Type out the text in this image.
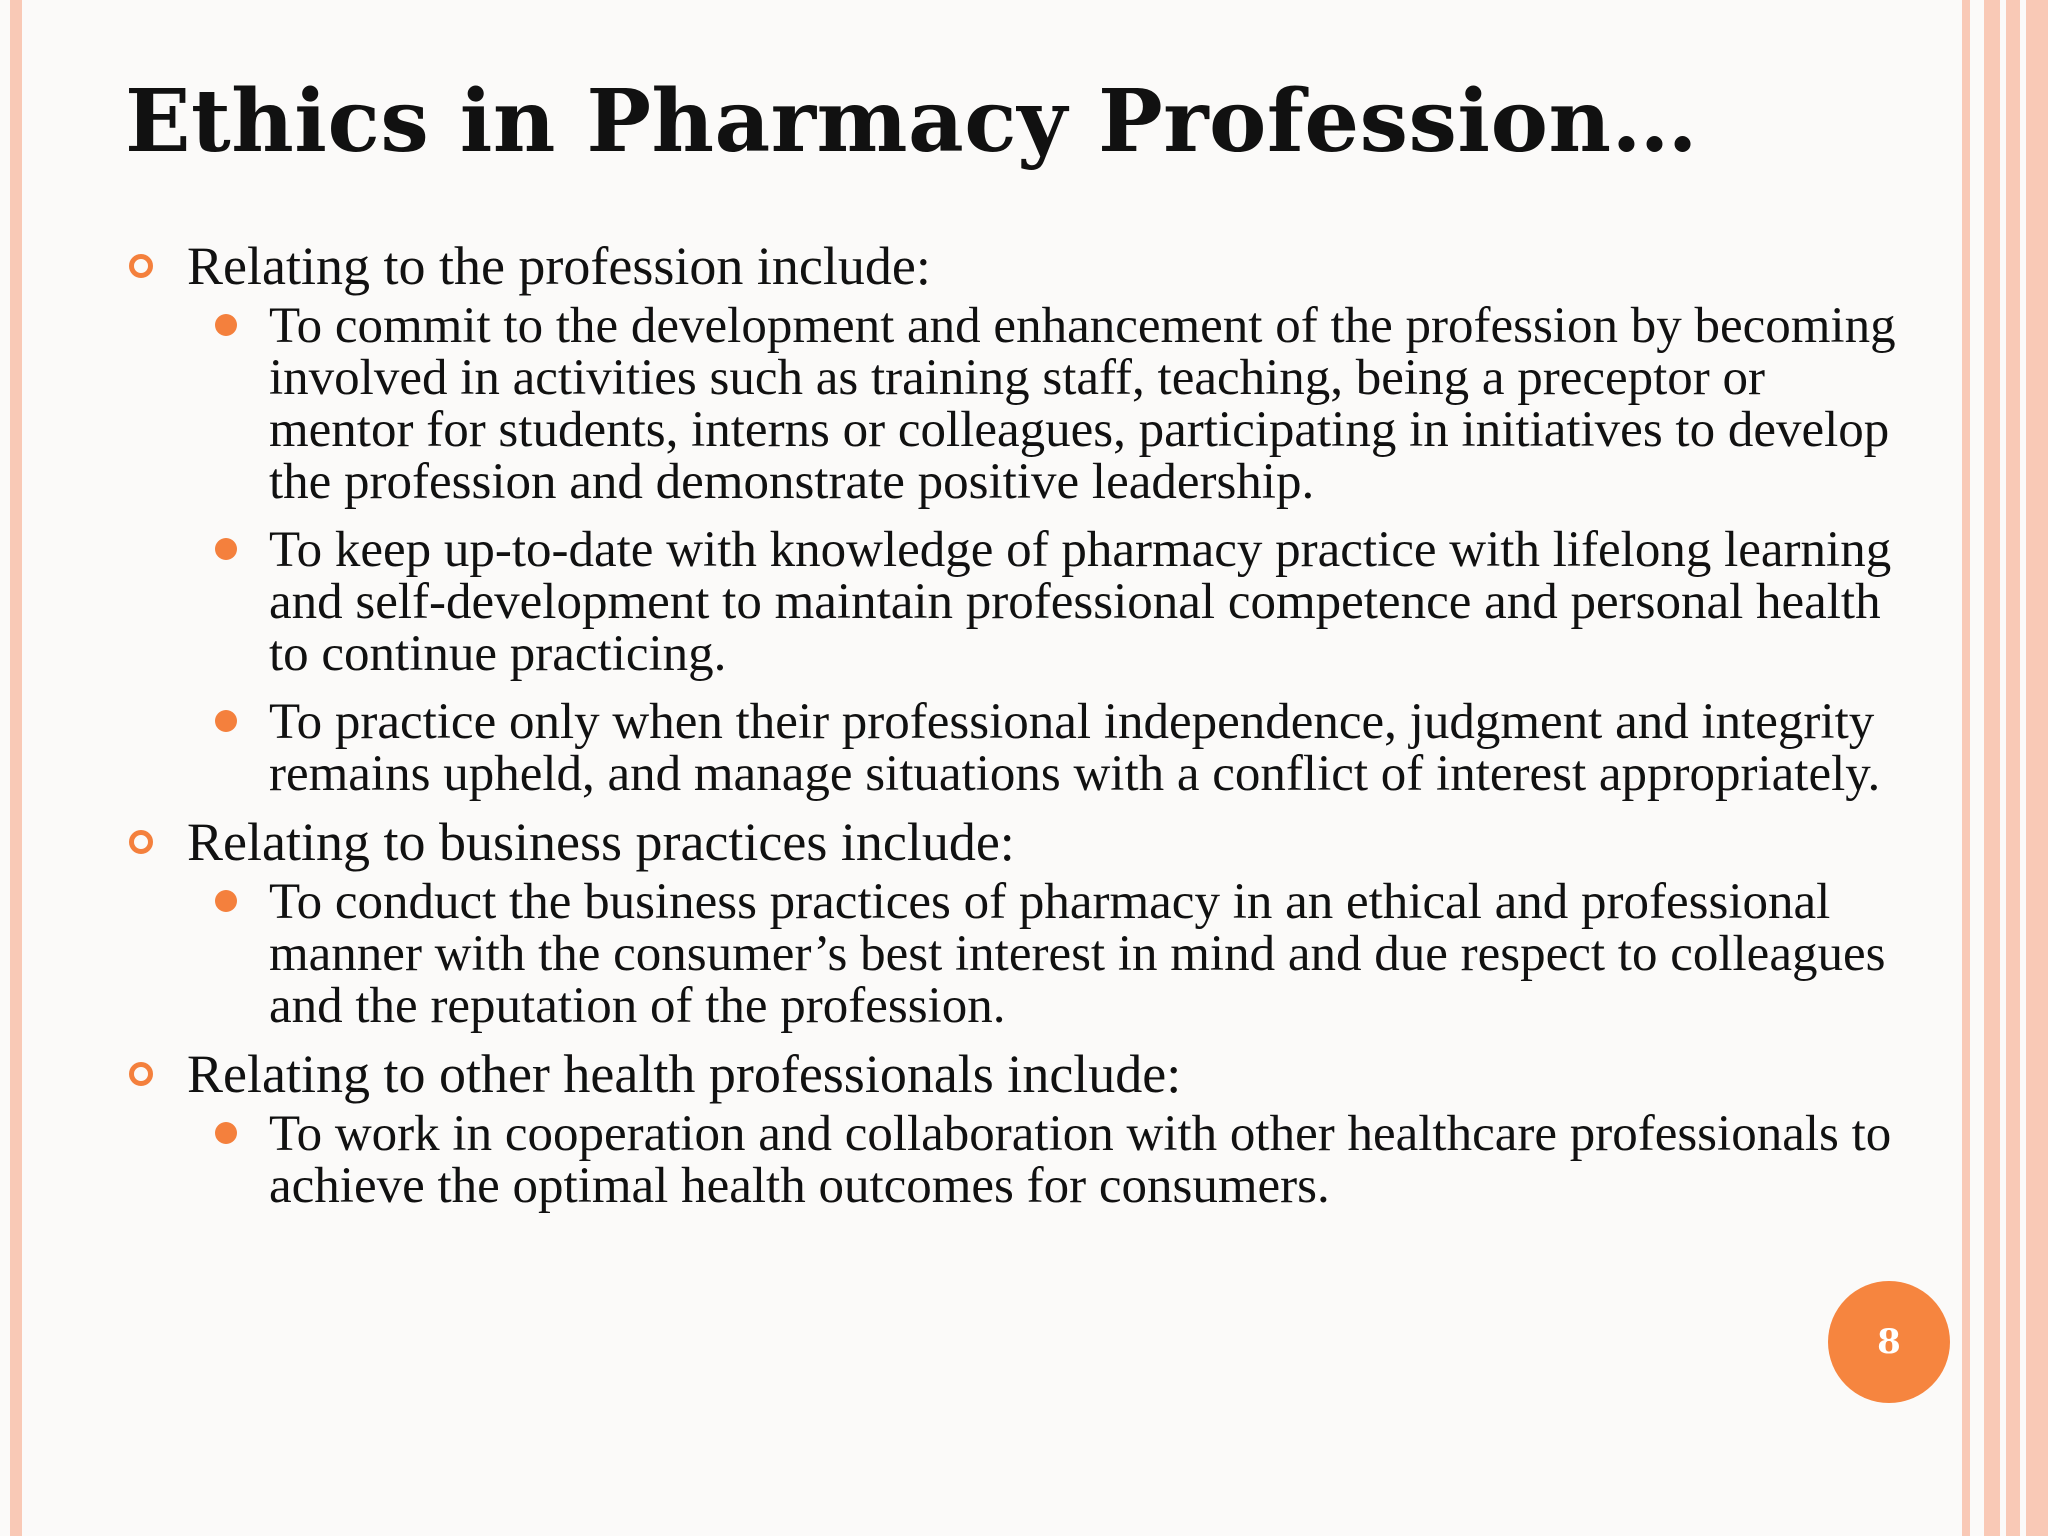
Ethics in Pharmacy Profession…
Relating to the profession include:
To commit to the development and enhancement of the profession by becoming involved in activities such as training staff, teaching, being a preceptor or mentor for students, interns or colleagues, participating in initiatives to develop the profession and demonstrate positive leadership.
To keep up-to-date with knowledge of pharmacy practice with lifelong learning and self-development to maintain professional competence and personal health to continue practicing.
To practice only when their professional independence, judgment and integrity remains upheld, and manage situations with a conflict of interest appropriately.
Relating to business practices include:
To conduct the business practices of pharmacy in an ethical and professional manner with the consumer’s best interest in mind and due respect to colleagues and the reputation of the profession.
Relating to other health professionals include:
To work in cooperation and collaboration with other healthcare professionals to achieve the optimal health outcomes for consumers.
8
